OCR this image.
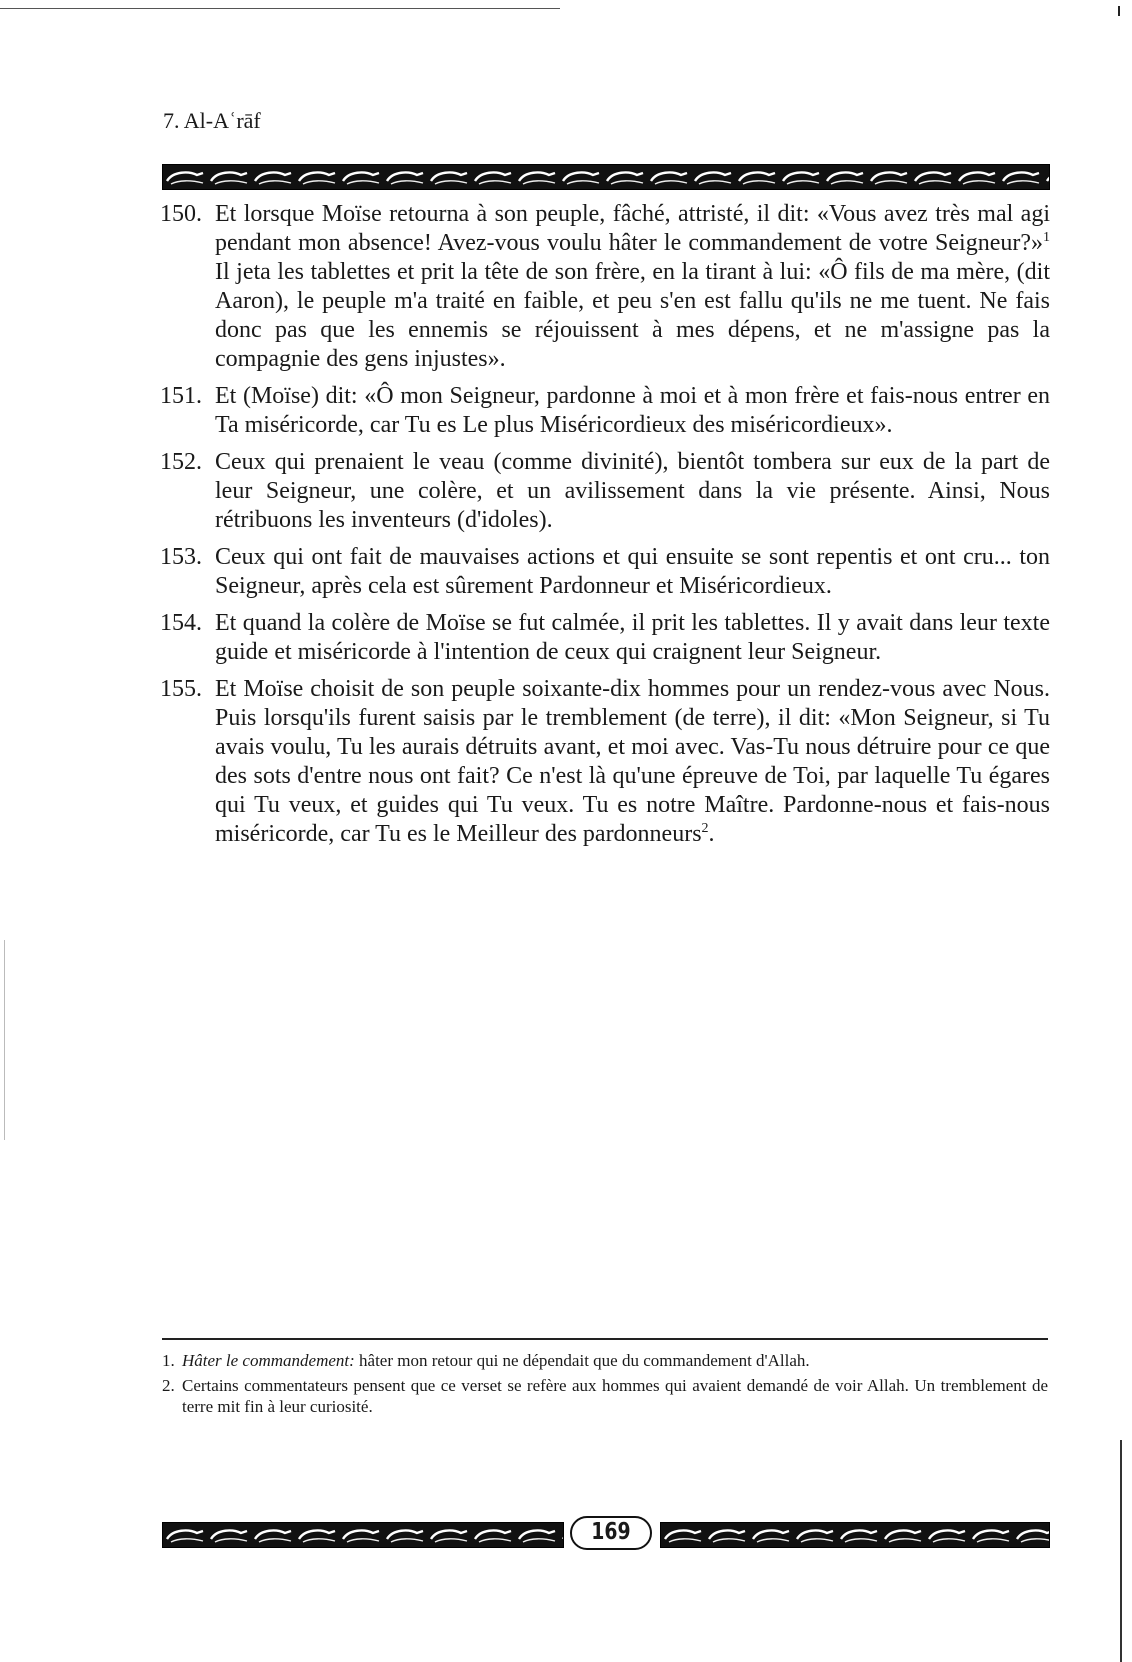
7. Al-Aʿrāf
150. Et lorsque Moïse retourna à son peuple, fâché, attristé, il dit: «Vous avez très mal agi pendant mon absence! Avez-vous voulu hâter le commandement de votre Seigneur?»$^1$ Il jeta les tablettes et prit la tête de son frère, en la tirant à lui: «Ô fils de ma mère, (dit Aaron), le peuple m'a traité en faible, et peu s'en est fallu qu'ils ne me tuent. Ne fais donc pas que les ennemis se réjouissent à mes dépens, et ne m'assigne pas la compagnie des gens injustes».
151. Et (Moïse) dit: «Ô mon Seigneur, pardonne à moi et à mon frère et fais-nous entrer en Ta miséricorde, car Tu es Le plus Miséricordieux des miséricordieux».
152. Ceux qui prenaient le veau (comme divinité), bientôt tombera sur eux de la part de leur Seigneur, une colère, et un avilissement dans la vie présente. Ainsi, Nous rétribuons les inventeurs (d'idoles).
153. Ceux qui ont fait de mauvaises actions et qui ensuite se sont repentis et ont cru... ton Seigneur, après cela est sûrement Pardonneur et Miséricordieux.
154. Et quand la colère de Moïse se fut calmée, il prit les tablettes. Il y avait dans leur texte guide et miséricorde à l'intention de ceux qui craignent leur Seigneur.
155. Et Moïse choisit de son peuple soixante-dix hommes pour un rendez-vous avec Nous. Puis lorsqu'ils furent saisis par le tremblement (de terre), il dit: «Mon Seigneur, si Tu avais voulu, Tu les aurais détruits avant, et moi avec. Vas-Tu nous détruire pour ce que des sots d'entre nous ont fait? Ce n'est là qu'une épreuve de Toi, par laquelle Tu égares qui Tu veux, et guides qui Tu veux. Tu es notre Maître. Pardonne-nous et fais-nous miséricorde, car Tu es le Meilleur des pardonneurs$^2$.
1. Hâter le commandement: hâter mon retour qui ne dépendait que du commandement d'Allah.
2. Certains commentateurs pensent que ce verset se refère aux hommes qui avaient demandé de voir Allah. Un tremblement de terre mit fin à leur curiosité.
169
